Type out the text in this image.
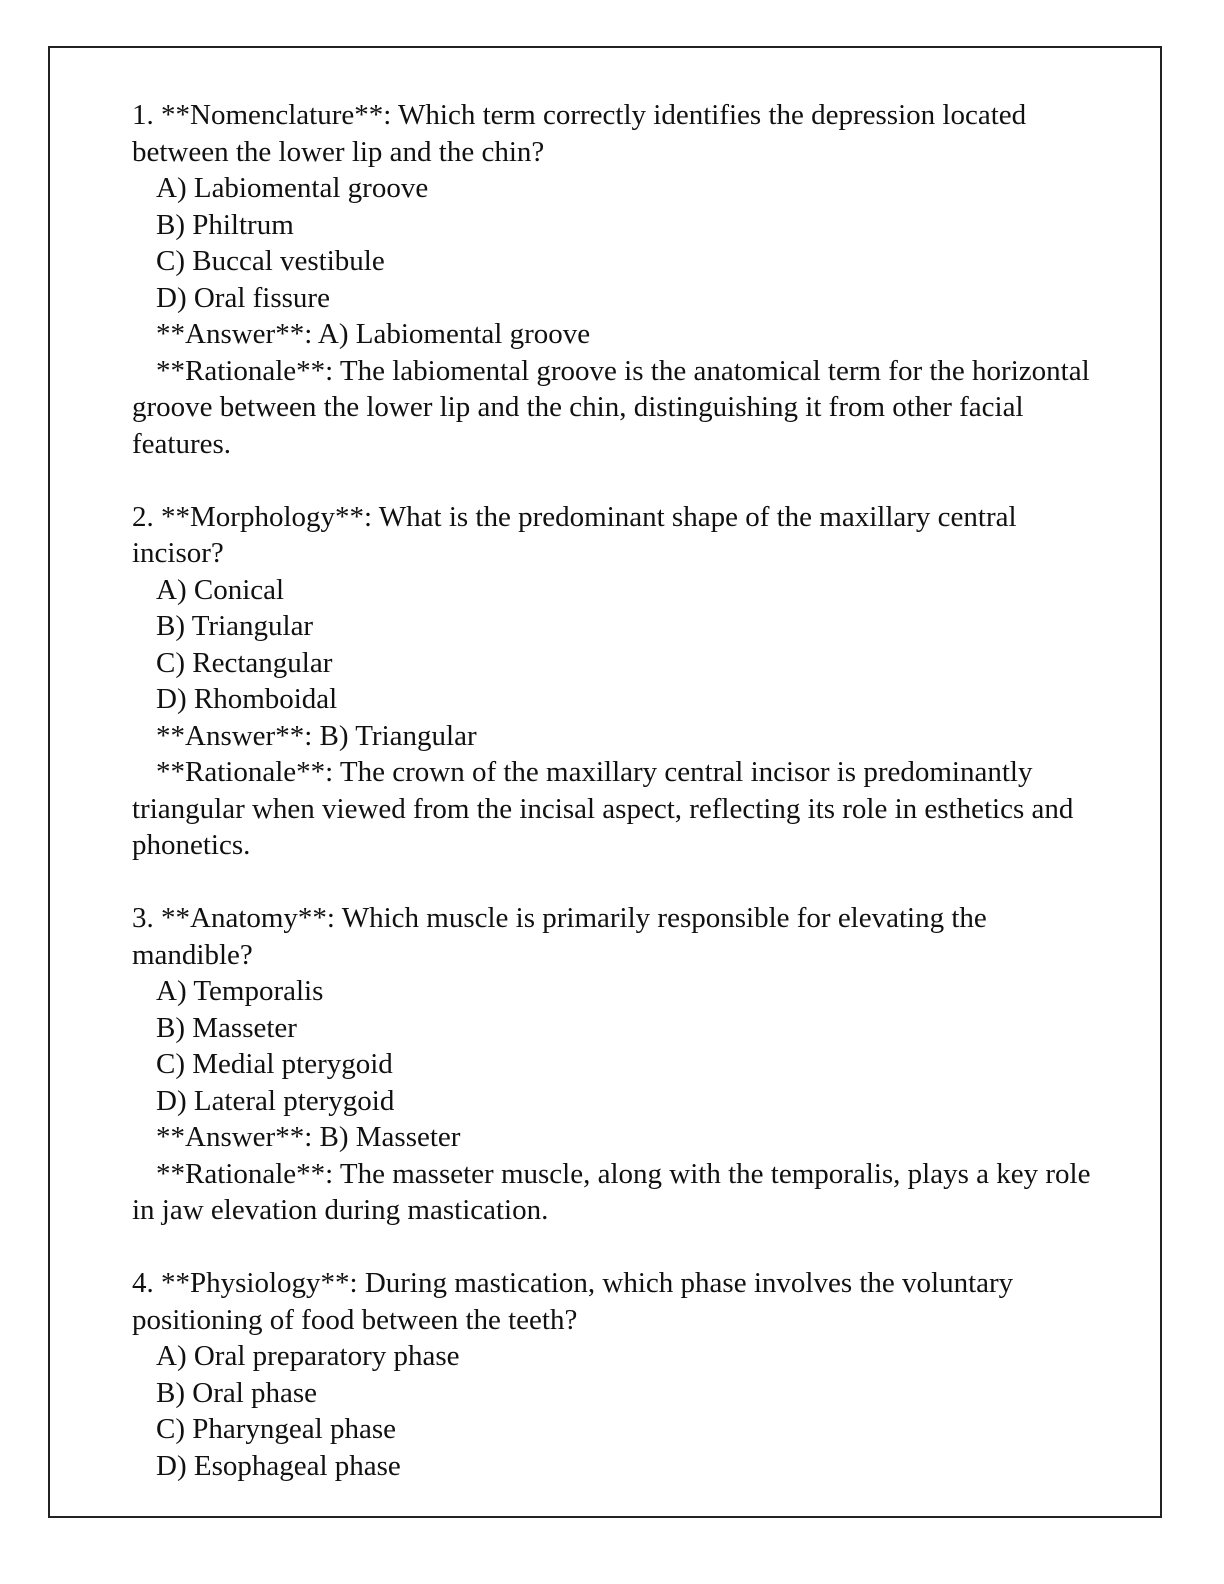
1. **Nomenclature**: Which term correctly identifies the depression located between the lower lip and the chin?
A) Labiomental groove
B) Philtrum
C) Buccal vestibule
D) Oral fissure
**Answer**: A) Labiomental groove
**Rationale**: The labiomental groove is the anatomical term for the horizontal groove between the lower lip and the chin, distinguishing it from other facial features.
2. **Morphology**: What is the predominant shape of the maxillary central incisor?
A) Conical
B) Triangular
C) Rectangular
D) Rhomboidal
**Answer**: B) Triangular
**Rationale**: The crown of the maxillary central incisor is predominantly triangular when viewed from the incisal aspect, reflecting its role in esthetics and phonetics.
3. **Anatomy**: Which muscle is primarily responsible for elevating the mandible?
A) Temporalis
B) Masseter
C) Medial pterygoid
D) Lateral pterygoid
**Answer**: B) Masseter
**Rationale**: The masseter muscle, along with the temporalis, plays a key role in jaw elevation during mastication.
4. **Physiology**: During mastication, which phase involves the voluntary positioning of food between the teeth?
A) Oral preparatory phase
B) Oral phase
C) Pharyngeal phase
D) Esophageal phase
